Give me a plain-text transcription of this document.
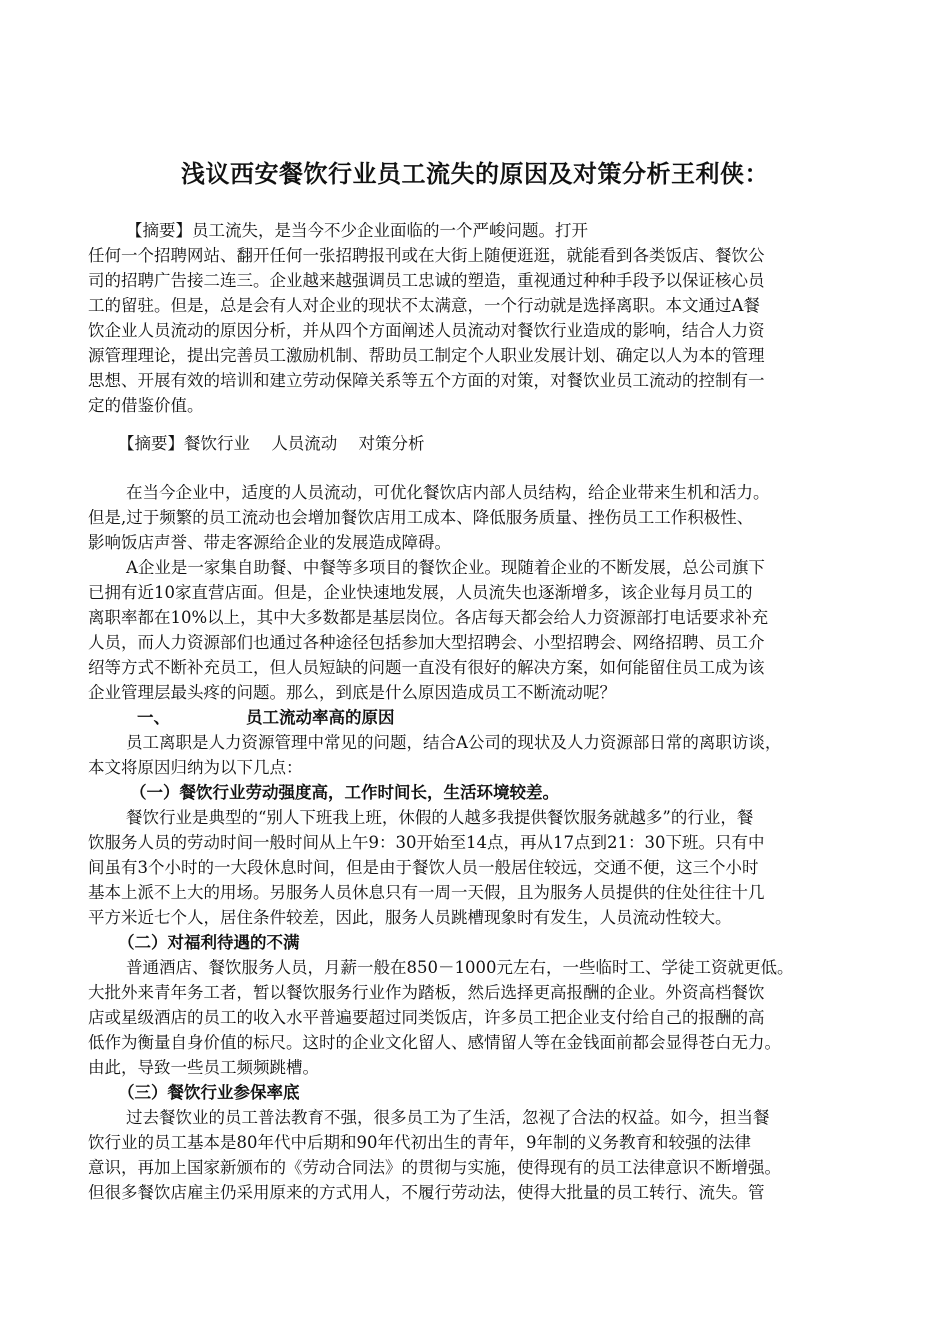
浅议西安餐饮行业员工流失的原因及对策分析王利侠：
【摘要】员工流失，是当今不少企业面临的一个严峻问题。打开
任何一个招聘网站、翻开任何一张招聘报刊或在大街上随便逛逛，就能看到各类饭店、餐饮公
司的招聘广告接二连三。企业越来越强调员工忠诚的塑造，重视通过种种手段予以保证核心员
工的留驻。但是，总是会有人对企业的现状不太满意，一个行动就是选择离职。本文通过A餐
饮企业人员流动的原因分析，并从四个方面阐述人员流动对餐饮行业造成的影响，结合人力资
源管理理论，提出完善员工激励机制、帮助员工制定个人职业发展计划、确定以人为本的管理
思想、开展有效的培训和建立劳动保障关系等五个方面的对策，对餐饮业员工流动的控制有一
定的借鉴价值。
【摘要】餐饮行业 人员流动 对策分析
在当今企业中，适度的人员流动，可优化餐饮店内部人员结构，给企业带来生机和活力。
但是,过于频繁的员工流动也会增加餐饮店用工成本、降低服务质量、挫伤员工工作积极性、
影响饭店声誉、带走客源给企业的发展造成障碍。
A企业是一家集自助餐、中餐等多项目的餐饮企业。现随着企业的不断发展，总公司旗下
已拥有近10家直营店面。但是，企业快速地发展，人员流失也逐渐增多，该企业每月员工的
离职率都在10%以上，其中大多数都是基层岗位。各店每天都会给人力资源部打电话要求补充
人员，而人力资源部们也通过各种途径包括参加大型招聘会、小型招聘会、网络招聘、员工介
绍等方式不断补充员工，但人员短缺的问题一直没有很好的解决方案，如何能留住员工成为该
企业管理层最头疼的问题。那么，到底是什么原因造成员工不断流动呢？
一、	员工流动率高的原因
员工离职是人力资源管理中常见的问题，结合A公司的现状及人力资源部日常的离职访谈，
本文将原因归纳为以下几点：
（一）餐饮行业劳动强度高，工作时间长，生活环境较差。
餐饮行业是典型的“别人下班我上班，休假的人越多我提供餐饮服务就越多”的行业，餐
饮服务人员的劳动时间一般时间从上午9：30开始至14点，再从17点到21：30下班。只有中
间虽有3个小时的一大段休息时间，但是由于餐饮人员一般居住较远，交通不便，这三个小时
基本上派不上大的用场。另服务人员休息只有一周一天假，且为服务人员提供的住处往往十几
平方米近七个人，居住条件较差，因此，服务人员跳槽现象时有发生，人员流动性较大。
（二）对福利待遇的不满
普通酒店、餐饮服务人员，月薪一般在850－1000元左右，一些临时工、学徒工资就更低。
大批外来青年务工者，暂以餐饮服务行业作为踏板，然后选择更高报酬的企业。外资高档餐饮
店或星级酒店的员工的收入水平普遍要超过同类饭店，许多员工把企业支付给自己的报酬的高
低作为衡量自身价值的标尺。这时的企业文化留人、感情留人等在金钱面前都会显得苍白无力。
由此，导致一些员工频频跳槽。
（三）餐饮行业参保率底
过去餐饮业的员工普法教育不强，很多员工为了生活，忽视了合法的权益。如今，担当餐
饮行业的员工基本是80年代中后期和90年代初出生的青年，9年制的义务教育和较强的法律
意识，再加上国家新颁布的《劳动合同法》的贯彻与实施，使得现有的员工法律意识不断增强。
但很多餐饮店雇主仍采用原来的方式用人，不履行劳动法，使得大批量的员工转行、流失。管
